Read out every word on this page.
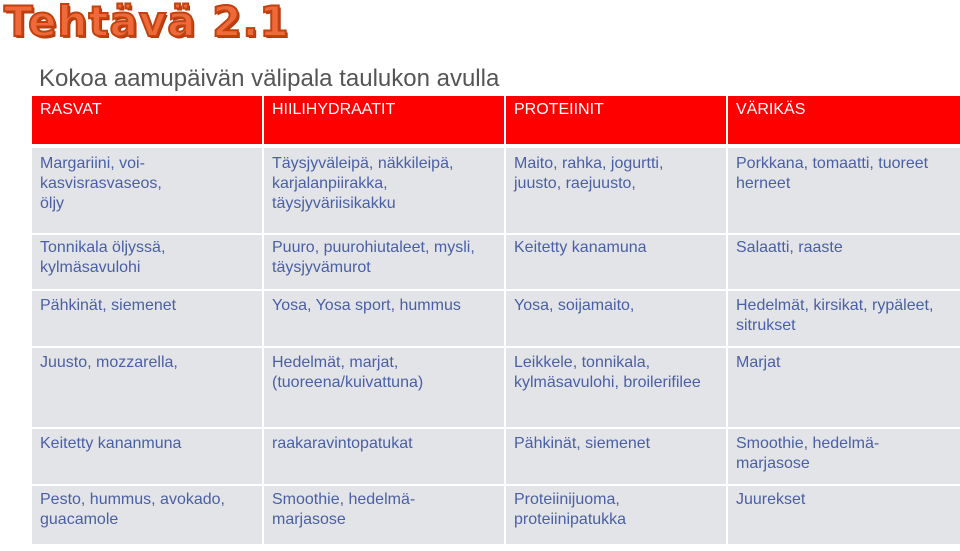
Tehtävä 2.1
Kokoa aamupäivän välipala taulukon avulla
RASVAT	HIILIHYDRAATIT	PROTEIINIT	VÄRIKÄS

Margariini, voi-kasvisrasvaseos, öljy	Täysjyväleipä, näkkileipä, karjalanpiirakka, täysjyväriisikakku	Maito, rahka, jogurtti, juusto, raejuusto,	Porkkana, tomaatti, tuoreet herneet

Tonnikala öljyssä, kylmäsavulohi	Puuro, puurohiutaleet, mysli, täysjyvämurot	Keitetty kanamuna	Salaatti, raaste

Pähkinät, siemenet	Yosa, Yosa sport, hummus	Yosa, soijamaito,	Hedelmät, kirsikat, rypäleet, sitrukset

Juusto, mozzarella,	Hedelmät, marjat, (tuoreena/kuivattuna)	Leikkele, tonnikala, kylmäsavulohi, broilerifilee	Marjat

Keitetty kananmuna	raakaravintopatukat	Pähkinät, siemenet	Smoothie, hedelmä-marjasose

Pesto, hummus, avokado, guacamole	Smoothie, hedelmä-marjasose	Proteiinijuoma, proteiinipatukka	Juurekset
